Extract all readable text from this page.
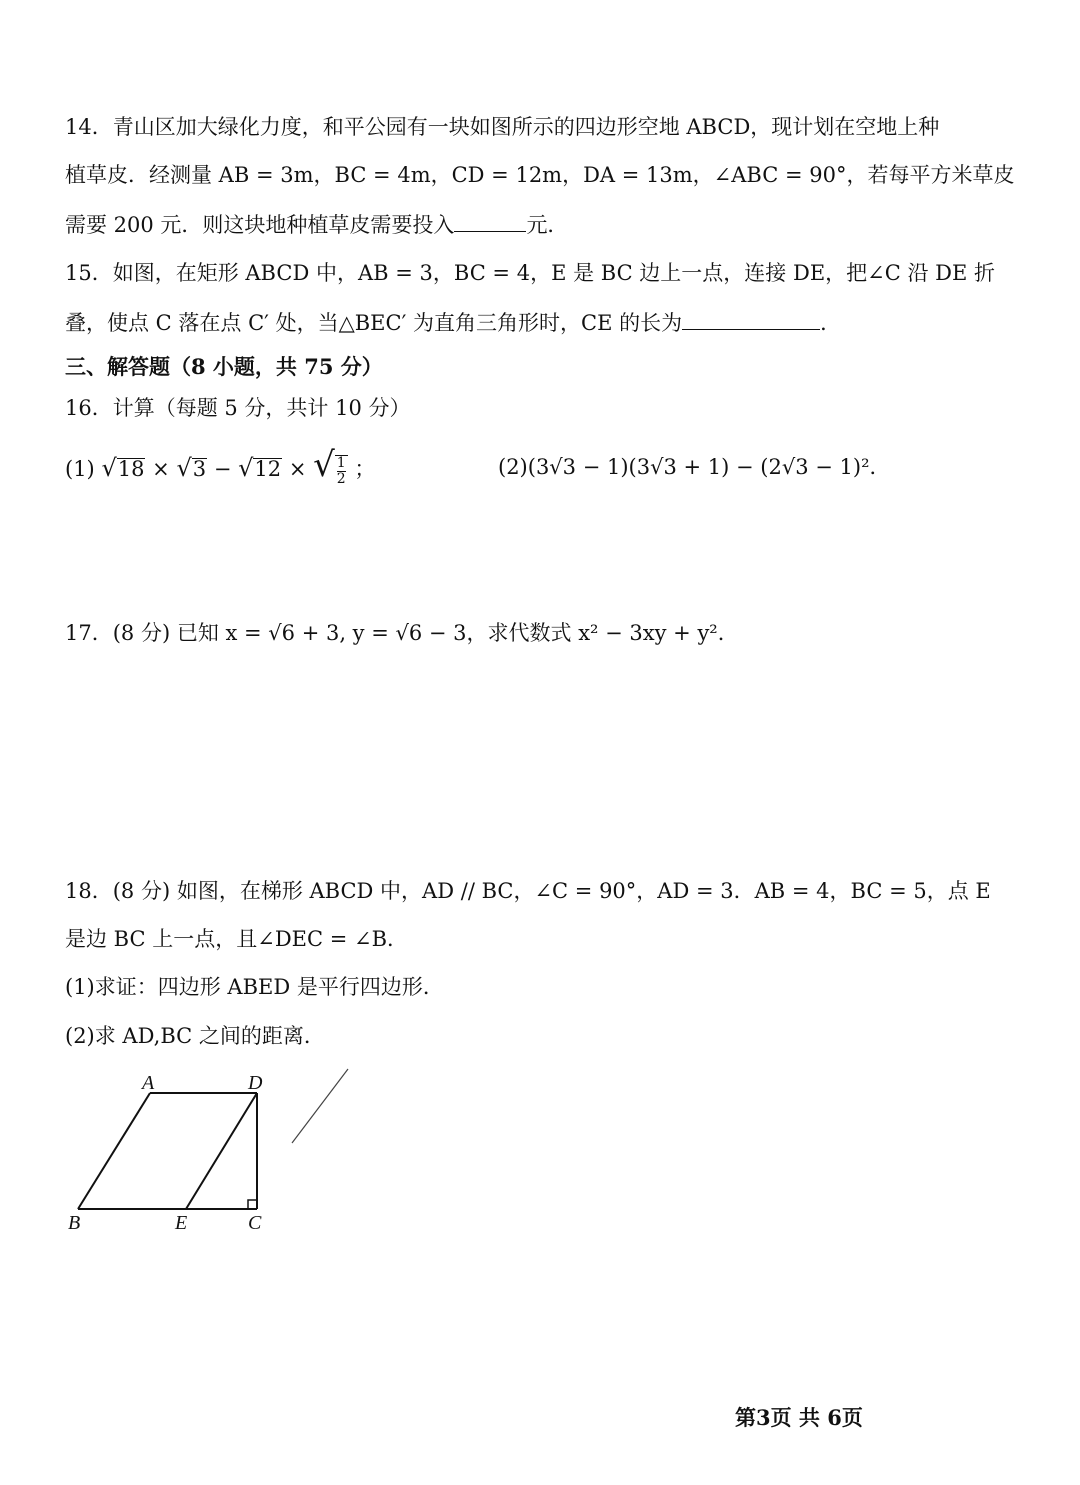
14．青山区加大绿化力度，和平公园有一块如图所示的四边形空地 ABCD，现计划在空地上种
植草皮．经测量 AB = 3m，BC = 4m，CD = 12m，DA = 13m，∠ABC = 90°，若每平方米草皮
需要 200 元．则这块地种植草皮需要投入	元．
15．如图，在矩形 ABCD 中，AB = 3，BC = 4，E 是 BC 边上一点，连接 DE，把∠C 沿 DE 折
叠，使点 C 落在点 C′ 处，当△BEC′ 为直角三角形时，CE 的长为	．
三、解答题（8 小题，共 75 分）
16．计算（每题 5 分，共计 10 分）
(1) √18 × √3 − √12 × √ $\frac{1}{2}$ ；	(2)(3√3 − 1)(3√3 + 1) − (2√3 − 1)²．
17．(8 分) 已知 x = √6 + 3, y = √6 − 3，求代数式 x² − 3xy + y²．
18．(8 分) 如图，在梯形 ABCD 中，AD // BC，∠C = 90°，AD = 3．AB = 4，BC = 5，点 E
是边 BC 上一点，且∠DEC = ∠B．
(1)求证：四边形 ABED 是平行四边形．
(2)求 AD,BC 之间的距离．
A	D
B	E	C
第3页 共 6页
